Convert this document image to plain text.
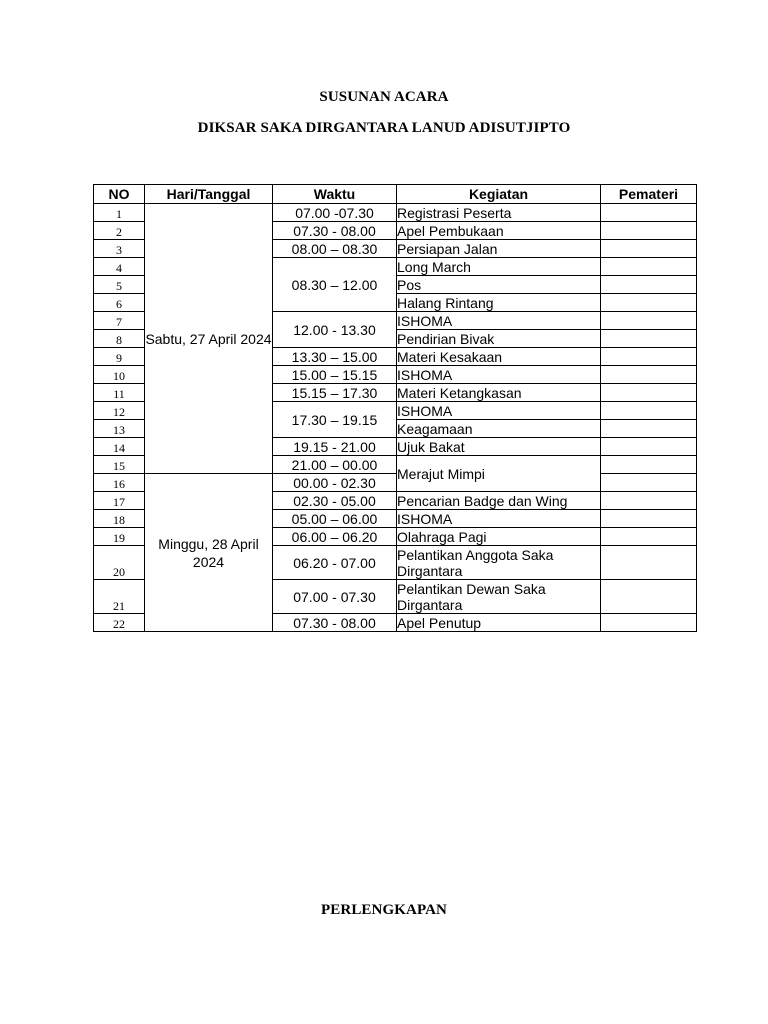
SUSUNAN ACARA
DIKSAR SAKA DIRGANTARA LANUD ADISUTJIPTO
NO	Hari/Tanggal	Waktu	Kegiatan	Pemateri
1	Sabtu, 27 April 2024	07.00 -07.30	Registrasi Peserta	
2		07.30 - 08.00	Apel Pembukaan	
3		08.00 – 08.30	Persiapan Jalan	
4		08.30 – 12.00	Long March	
5			Pos	
6			Halang Rintang	
7		12.00 - 13.30	ISHOMA	
8			Pendirian Bivak	
9		13.30 – 15.00	Materi Kesakaan	
10		15.00 – 15.15	ISHOMA	
11		15.15 – 17.30	Materi Ketangkasan	
12		17.30 – 19.15	ISHOMA	
13			Keagamaan	
14		19.15 - 21.00	Ujuk Bakat	
15		21.00 – 00.00	Merajut Mimpi	
16	Minggu, 28 April 2024	00.00 - 02.30		
17		02.30 - 05.00	Pencarian Badge dan Wing	
18		05.00 – 06.00	ISHOMA	
19		06.00 – 06.20	Olahraga Pagi	
20		06.20 - 07.00	Pelantikan Anggota Saka Dirgantara	
21		07.00 - 07.30	Pelantikan Dewan Saka Dirgantara	
22		07.30 - 08.00	Apel Penutup	
PERLENGKAPAN
